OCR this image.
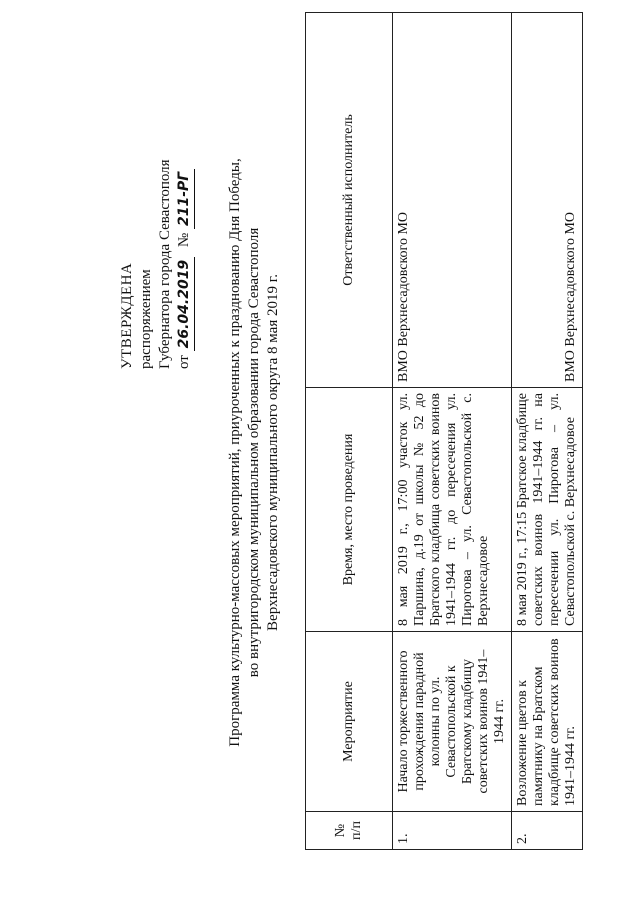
УТВЕРЖДЕНА распоряжением Губернатора города Севастополя от 26.04.2019 № 211-РГ Программа культурно-массовых мероприятий, приуроченных к празднованию Дня Победы, во внутригородском муниципальном образовании города Севастополя Верхнесадовского муниципального округа 8 мая 2019 г.
№ п/п	Мероприятие	Время, место проведения	Ответственный исполнитель
1.	Начало торжественного прохождения парадной колонны по ул. Севастопольской к Братскому кладбищу советских воинов 1941–1944 гг.	8 мая 2019 г., 17:00 участок ул. Паршина, д.19 от школы № 52 до Братского кладбища советских воинов 1941–1944 гг. до пересечения ул. Пирогова – ул. Севастопольской с. Верхнесадовое	ВМО Верхнесадовского МО
2.	Возложение цветов к памятнику на Братском кладбище советских воинов 1941–1944 гг.	8 мая 2019 г., 17:15 Братское кладбище советских воинов 1941–1944 гг. на пересечении ул. Пирогова – ул. Севастопольской с. Верхнесадовое	ВМО Верхнесадовского МО
